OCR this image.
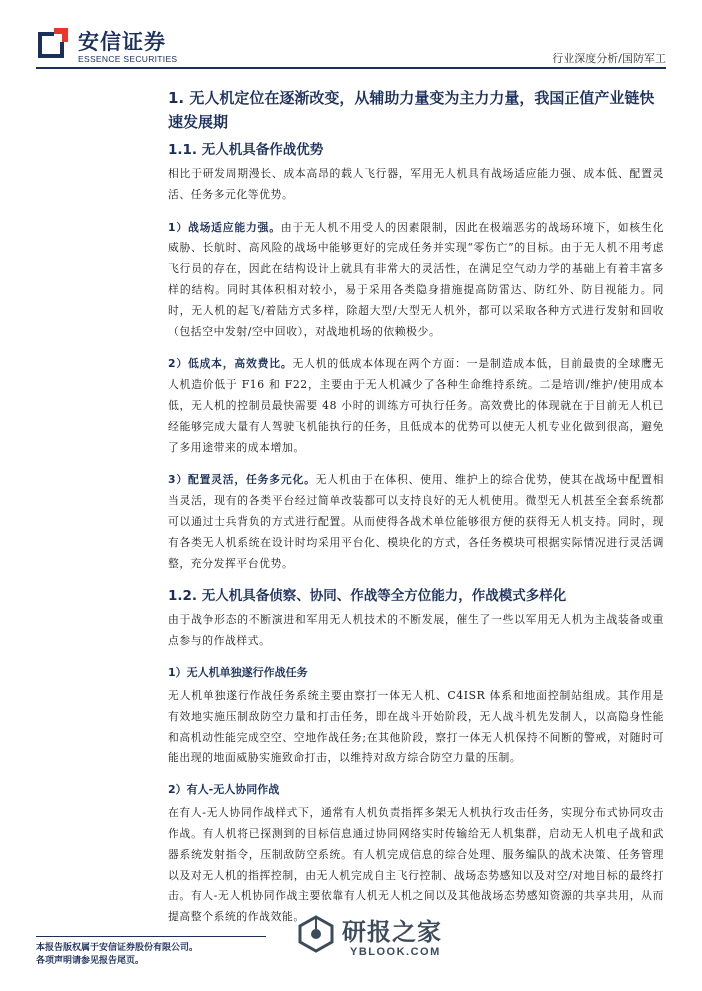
安信证券
ESSENCE SECURITIES	行业深度分析/国防军工
1. 无人机定位在逐渐改变，从辅助力量变为主力力量，我国正值产业链快速发展期
1.1. 无人机具备作战优势

相比于研发周期漫长、成本高昂的载人飞行器，军用无人机具有战场适应能力强、成本低、配置灵活、任务多元化等优势。

1）战场适应能力强。由于无人机不用受人的因素限制，因此在极端恶劣的战场环境下，如核生化威胁、长航时、高风险的战场中能够更好的完成任务并实现“零伤亡”的目标。由于无人机不用考虑飞行员的存在，因此在结构设计上就具有非常大的灵活性，在满足空气动力学的基础上有着丰富多样的结构。同时其体积相对较小，易于采用各类隐身措施提高防雷达、防红外、防目视能力。同时，无人机的起飞/着陆方式多样，除超大型/大型无人机外，都可以采取各种方式进行发射和回收（包括空中发射/空中回收），对战地机场的依赖极少。

2）低成本，高效费比。无人机的低成本体现在两个方面：一是制造成本低，目前最贵的全球鹰无人机造价低于 F16 和 F22，主要由于无人机减少了各种生命维持系统。二是培训/维护/使用成本低，无人机的控制员最快需要 48 小时的训练方可执行任务。高效费比的体现就在于目前无人机已经能够完成大量有人驾驶飞机能执行的任务，且低成本的优势可以使无人机专业化做到很高，避免了多用途带来的成本增加。

3）配置灵活，任务多元化。无人机由于在体积、使用、维护上的综合优势，使其在战场中配置相当灵活，现有的各类平台经过简单改装都可以支持良好的无人机使用。微型无人机甚至全套系统都可以通过士兵背负的方式进行配置。从而使得各战术单位能够很方便的获得无人机支持。同时，现有各类无人机系统在设计时均采用平台化、模块化的方式，各任务模块可根据实际情况进行灵活调整，充分发挥平台优势。

1.2. 无人机具备侦察、协同、作战等全方位能力，作战模式多样化

由于战争形态的不断演进和军用无人机技术的不断发展，催生了一些以军用无人机为主战装备或重点参与的作战样式。

1）无人机单独遂行作战任务

无人机单独遂行作战任务系统主要由察打一体无人机、C4ISR 体系和地面控制站组成。其作用是有效地实施压制敌防空力量和打击任务，即在战斗开始阶段，无人战斗机先发制人，以高隐身性能和高机动性能完成空空、空地作战任务;在其他阶段，察打一体无人机保持不间断的警戒，对随时可能出现的地面威胁实施致命打击，以维持对敌方综合防空力量的压制。

2）有人-无人协同作战

在有人-无人协同作战样式下，通常有人机负责指挥多架无人机执行攻击任务，实现分布式协同攻击作战。有人机将已探测到的目标信息通过协同网络实时传输给无人机集群，启动无人机电子战和武器系统发射指令，压制敌防空系统。有人机完成信息的综合处理、服务编队的战术决策、任务管理以及对无人机的指挥控制，由无人机完成自主飞行控制、战场态势感知以及对空/对地目标的最终打击。有人-无人机协同作战主要依靠有人机无人机之间以及其他战场态势感知资源的共享共用，从而提高整个系统的作战效能。

本报告版权属于安信证券股份有限公司。
各项声明请参见报告尾页。
研报之家
YBLOOK.COM
